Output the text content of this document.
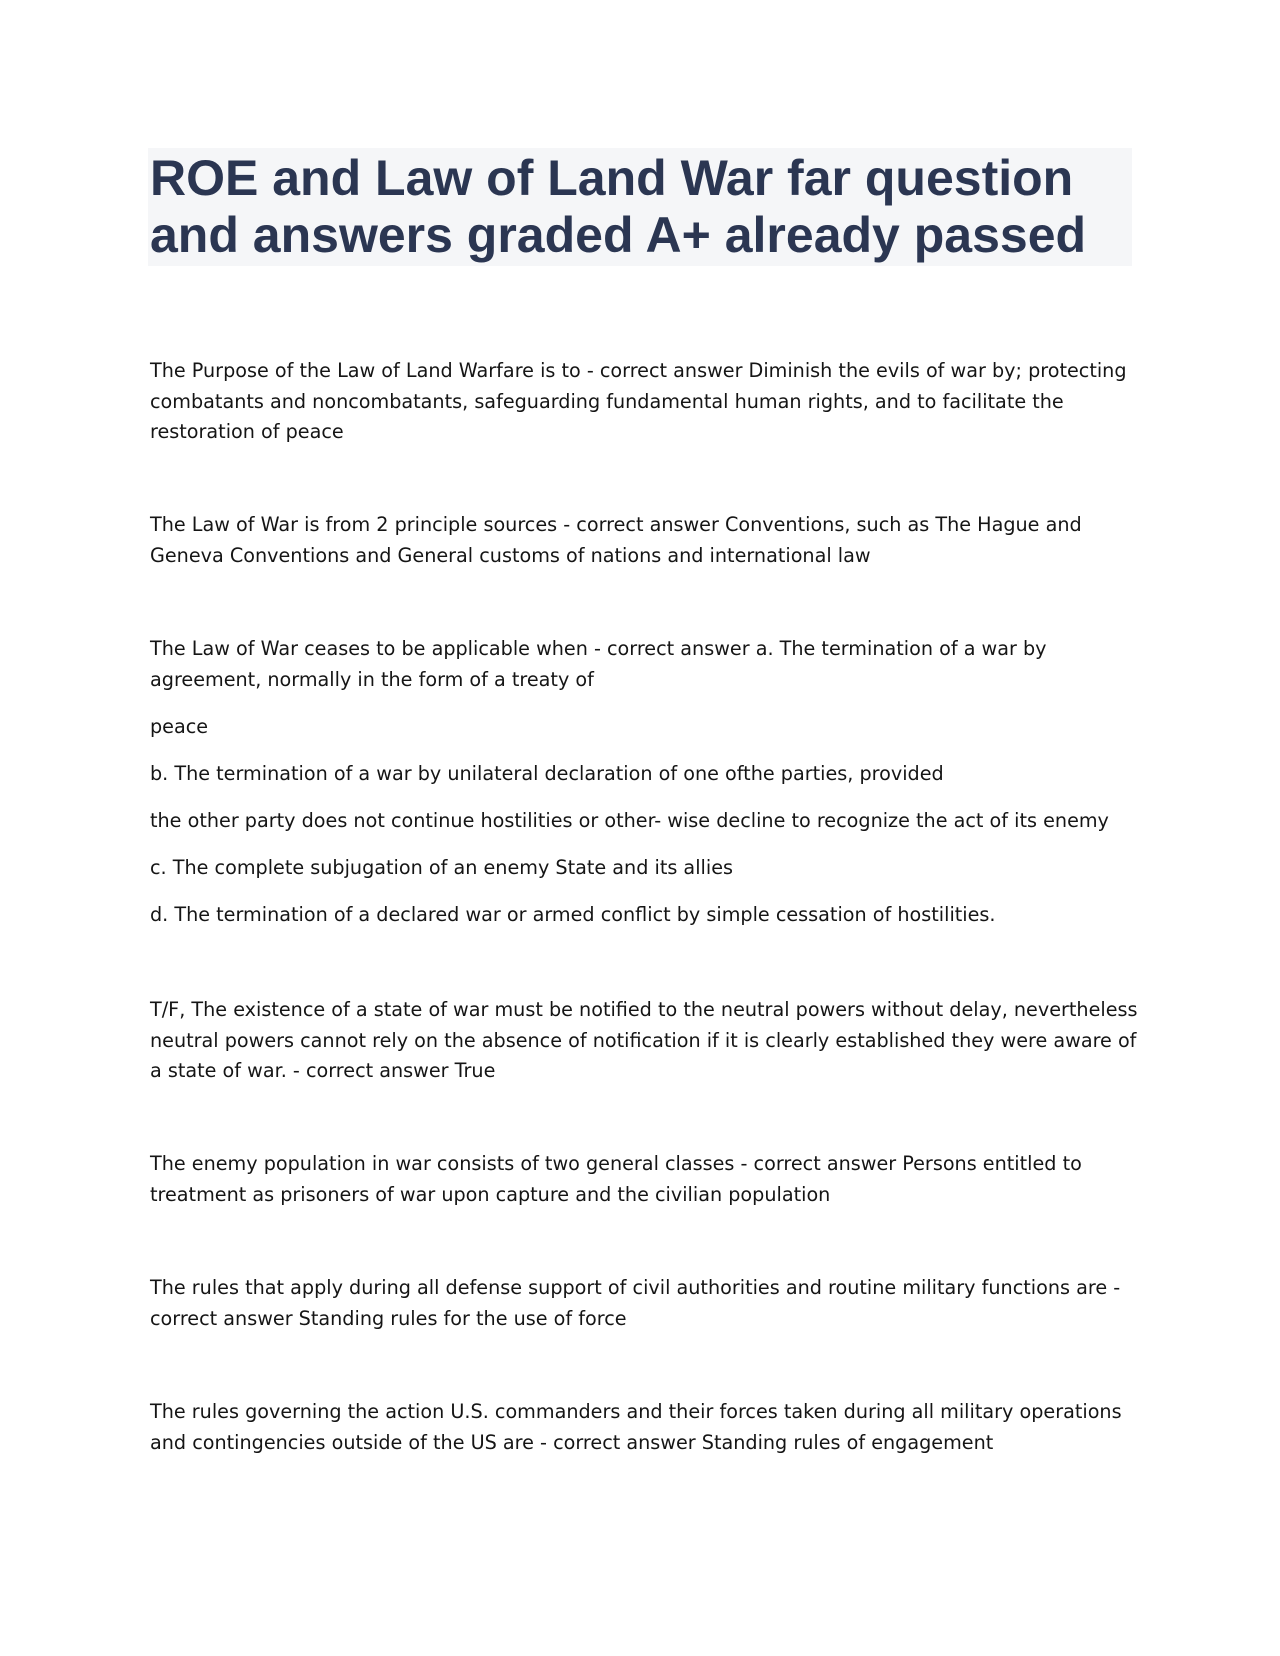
ROE and Law of Land War far question and answers graded A+ already passed

The Purpose of the Law of Land Warfare is to - correct answer Diminish the evils of war by; protecting combatants and noncombatants, safeguarding fundamental human rights, and to facilitate the restoration of peace

The Law of War is from 2 principle sources - correct answer Conventions, such as The Hague and Geneva Conventions and General customs of nations and international law

The Law of War ceases to be applicable when - correct answer a. The termination of a war by agreement, normally in the form of a treaty of

peace

b. The termination of a war by unilateral declaration of one ofthe parties, provided

the other party does not continue hostilities or other- wise decline to recognize the act of its enemy

c. The complete subjugation of an enemy State and its allies

d. The termination of a declared war or armed conflict by simple cessation of hostilities.

T/F, The existence of a state of war must be notified to the neutral powers without delay, nevertheless neutral powers cannot rely on the absence of notification if it is clearly established they were aware of a state of war. - correct answer True

The enemy population in war consists of two general classes - correct answer Persons entitled to treatment as prisoners of war upon capture and the civilian population

The rules that apply during all defense support of civil authorities and routine military functions are - correct answer Standing rules for the use of force

The rules governing the action U.S. commanders and their forces taken during all military operations and contingencies outside of the US are - correct answer Standing rules of engagement
